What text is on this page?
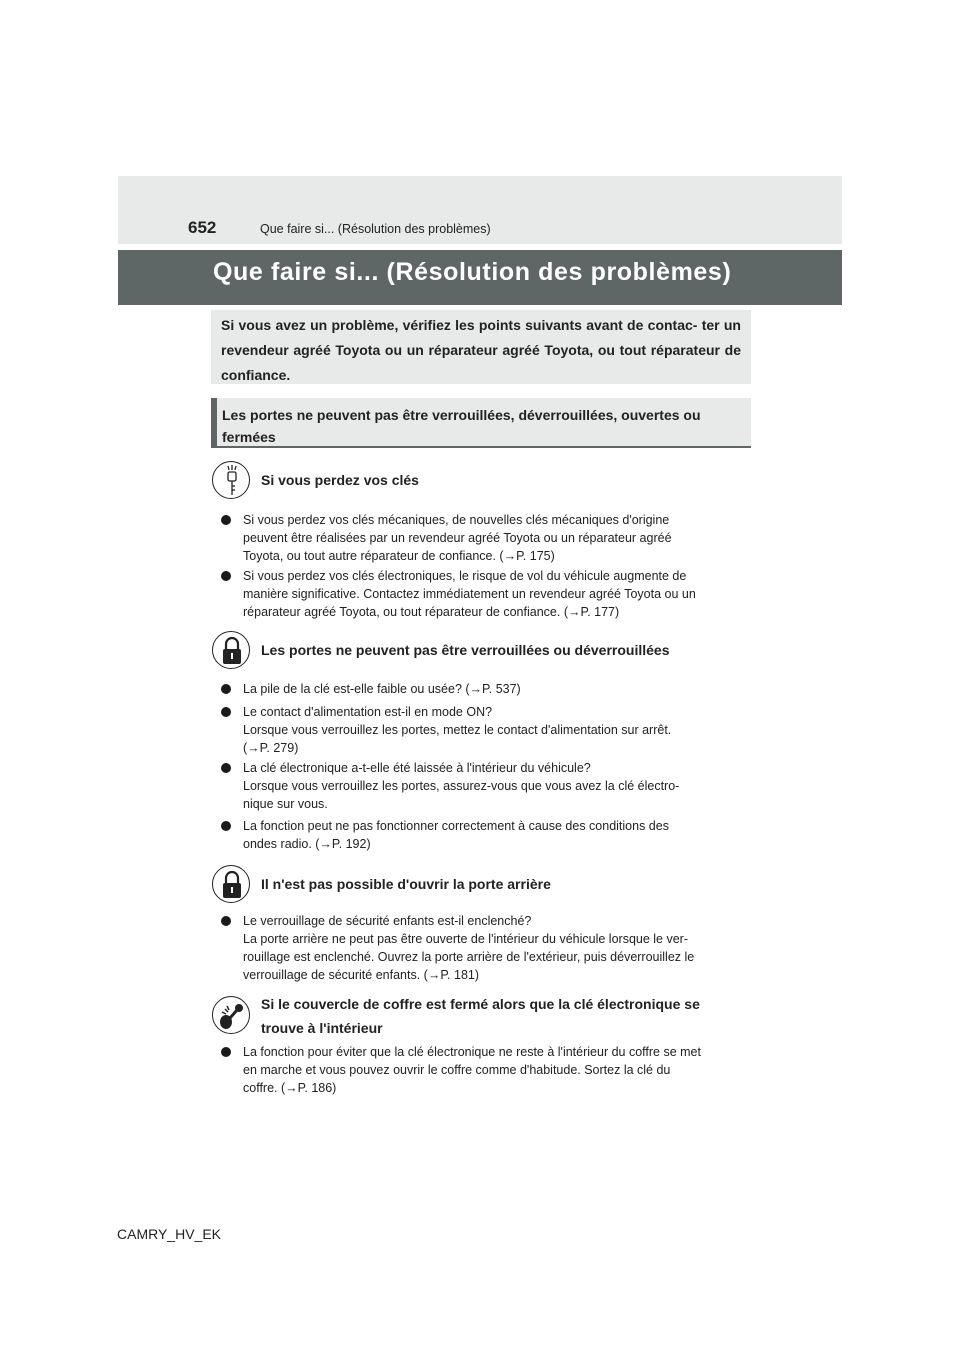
652	Que faire si... (Résolution des problèmes)
Que faire si... (Résolution des problèmes)
Si vous avez un problème, vérifiez les points suivants avant de contac- ter un revendeur agréé Toyota ou un réparateur agréé Toyota, ou tout réparateur de confiance.
Les portes ne peuvent pas être verrouillées, déverrouillées, ouvertes ou
fermées
Si vous perdez vos clés
Si vous perdez vos clés mécaniques, de nouvelles clés mécaniques d'origine
peuvent être réalisées par un revendeur agréé Toyota ou un réparateur agréé
Toyota, ou tout autre réparateur de confiance. (→P. 175)
Si vous perdez vos clés électroniques, le risque de vol du véhicule augmente de
manière significative. Contactez immédiatement un revendeur agréé Toyota ou un
réparateur agréé Toyota, ou tout réparateur de confiance. (→P. 177)
Les portes ne peuvent pas être verrouillées ou déverrouillées
La pile de la clé est-elle faible ou usée? (→P. 537)
Le contact d'alimentation est-il en mode ON?
Lorsque vous verrouillez les portes, mettez le contact d'alimentation sur arrêt.
(→P. 279)
La clé électronique a-t-elle été laissée à l'intérieur du véhicule?
Lorsque vous verrouillez les portes, assurez-vous que vous avez la clé électro-
nique sur vous.
La fonction peut ne pas fonctionner correctement à cause des conditions des
ondes radio. (→P. 192)
Il n'est pas possible d'ouvrir la porte arrière
Le verrouillage de sécurité enfants est-il enclenché?
La porte arrière ne peut pas être ouverte de l'intérieur du véhicule lorsque le ver-
rouillage est enclenché. Ouvrez la porte arrière de l'extérieur, puis déverrouillez le
verrouillage de sécurité enfants. (→P. 181)
Si le couvercle de coffre est fermé alors que la clé électronique se
trouve à l'intérieur
La fonction pour éviter que la clé électronique ne reste à l'intérieur du coffre se met
en marche et vous pouvez ouvrir le coffre comme d'habitude. Sortez la clé du
coffre. (→P. 186)
CAMRY_HV_EK
